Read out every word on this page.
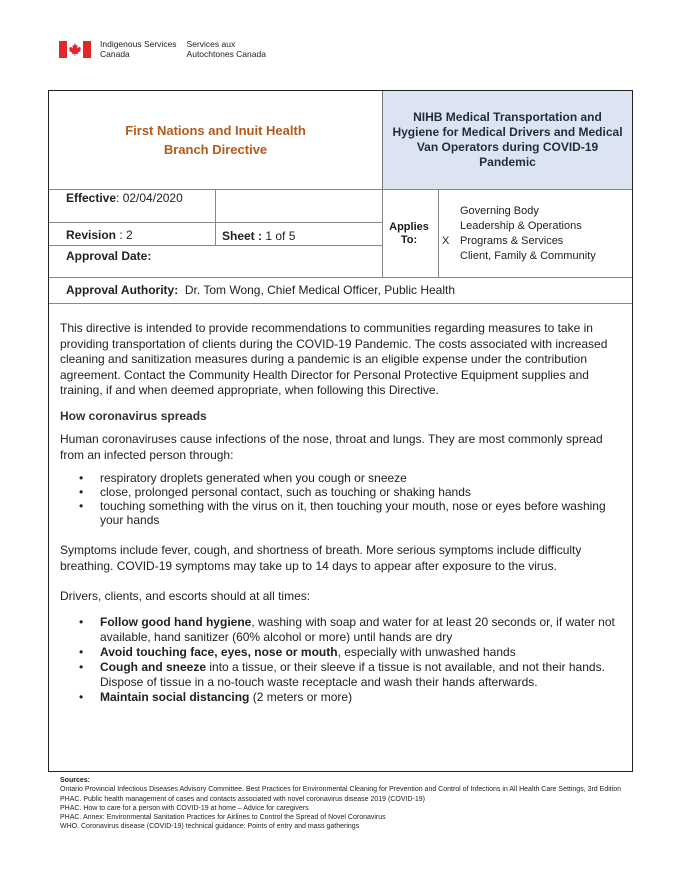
Indigenous Services
Canada
Services aux
Autochtones Canada
First Nations and Inuit Health
Branch Directive
NIHB Medical Transportation and Hygiene for Medical Drivers and Medical Van Operators during COVID-19 Pandemic
Effective: 02/04/2020
Revision : 2	Sheet : 1 of 5
Approval Date:
Applies To:
Governing Body
Leadership & Operations
X Programs & Services
Client, Family & Community
Approval Authority: Dr. Tom Wong, Chief Medical Officer, Public Health

This directive is intended to provide recommendations to communities regarding measures to take in providing transportation of clients during the COVID-19 Pandemic. The costs associated with increased cleaning and sanitization measures during a pandemic is an eligible expense under the contribution agreement. Contact the Community Health Director for Personal Protective Equipment supplies and training, if and when deemed appropriate, when following this Directive.

How coronavirus spreads

Human coronaviruses cause infections of the nose, throat and lungs. They are most commonly spread from an infected person through:

• respiratory droplets generated when you cough or sneeze
• close, prolonged personal contact, such as touching or shaking hands
• touching something with the virus on it, then touching your mouth, nose or eyes before washing your hands

Symptoms include fever, cough, and shortness of breath. More serious symptoms include difficulty breathing. COVID-19 symptoms may take up to 14 days to appear after exposure to the virus.

Drivers, clients, and escorts should at all times:

• Follow good hand hygiene, washing with soap and water for at least 20 seconds or, if water not available, hand sanitizer (60% alcohol or more) until hands are dry
• Avoid touching face, eyes, nose or mouth, especially with unwashed hands
• Cough and sneeze into a tissue, or their sleeve if a tissue is not available, and not their hands. Dispose of tissue in a no-touch waste receptacle and wash their hands afterwards.
• Maintain social distancing (2 meters or more)
Sources:
Ontario Provincial Infectious Diseases Advisory Committee. Best Practices for Environmental Cleaning for Prevention and Control of Infections in All Health Care Settings, 3rd Edition
PHAC. Public health management of cases and contacts associated with novel coronavirus disease 2019 (COVID-19)
PHAC. How to care for a person with COVID-19 at home – Advice for caregivers
PHAC. Annex: Environmental Sanitation Practices for Airlines to Control the Spread of Novel Coronavirus
WHO. Coronavirus disease (COVID-19) technical guidance: Points of entry and mass gatherings
